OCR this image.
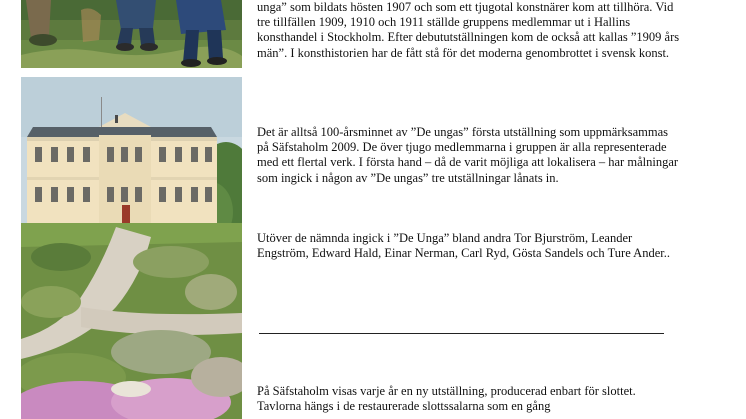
unga” som bildats hösten 1907 och som ett tjugotal konstnärer kom att tillhöra. Vid tre tillfällen 1909, 1910 och 1911 ställde gruppens medlemmar ut i Hallins konsthandel i Stockholm. Efter debututställningen kom de också att kallas ”1909 års män”. I konsthistorien har de fått stå för det moderna genombrottet i svensk konst.
Det är alltså 100-årsminnet av ”De ungas” första utställning som uppmärksammas på Säfstaholm 2009. De över tjugo medlemmarna i gruppen är alla representerade med ett flertal verk. I första hand – då de varit möjliga att lokalisera – har målningar som ingick i någon av ”De ungas” tre utställningar lånats in.
Utöver de nämnda ingick i ”De Unga” bland andra Tor Bjurström, Leander Engström, Edward Hald, Einar Nerman, Carl Ryd, Gösta Sandels och Ture Ander..
På Säfstaholm visas varje år en ny utställning, producerad enbart för slottet. Tavlorna hängs i de restaurerade slottssalarna som en gång
